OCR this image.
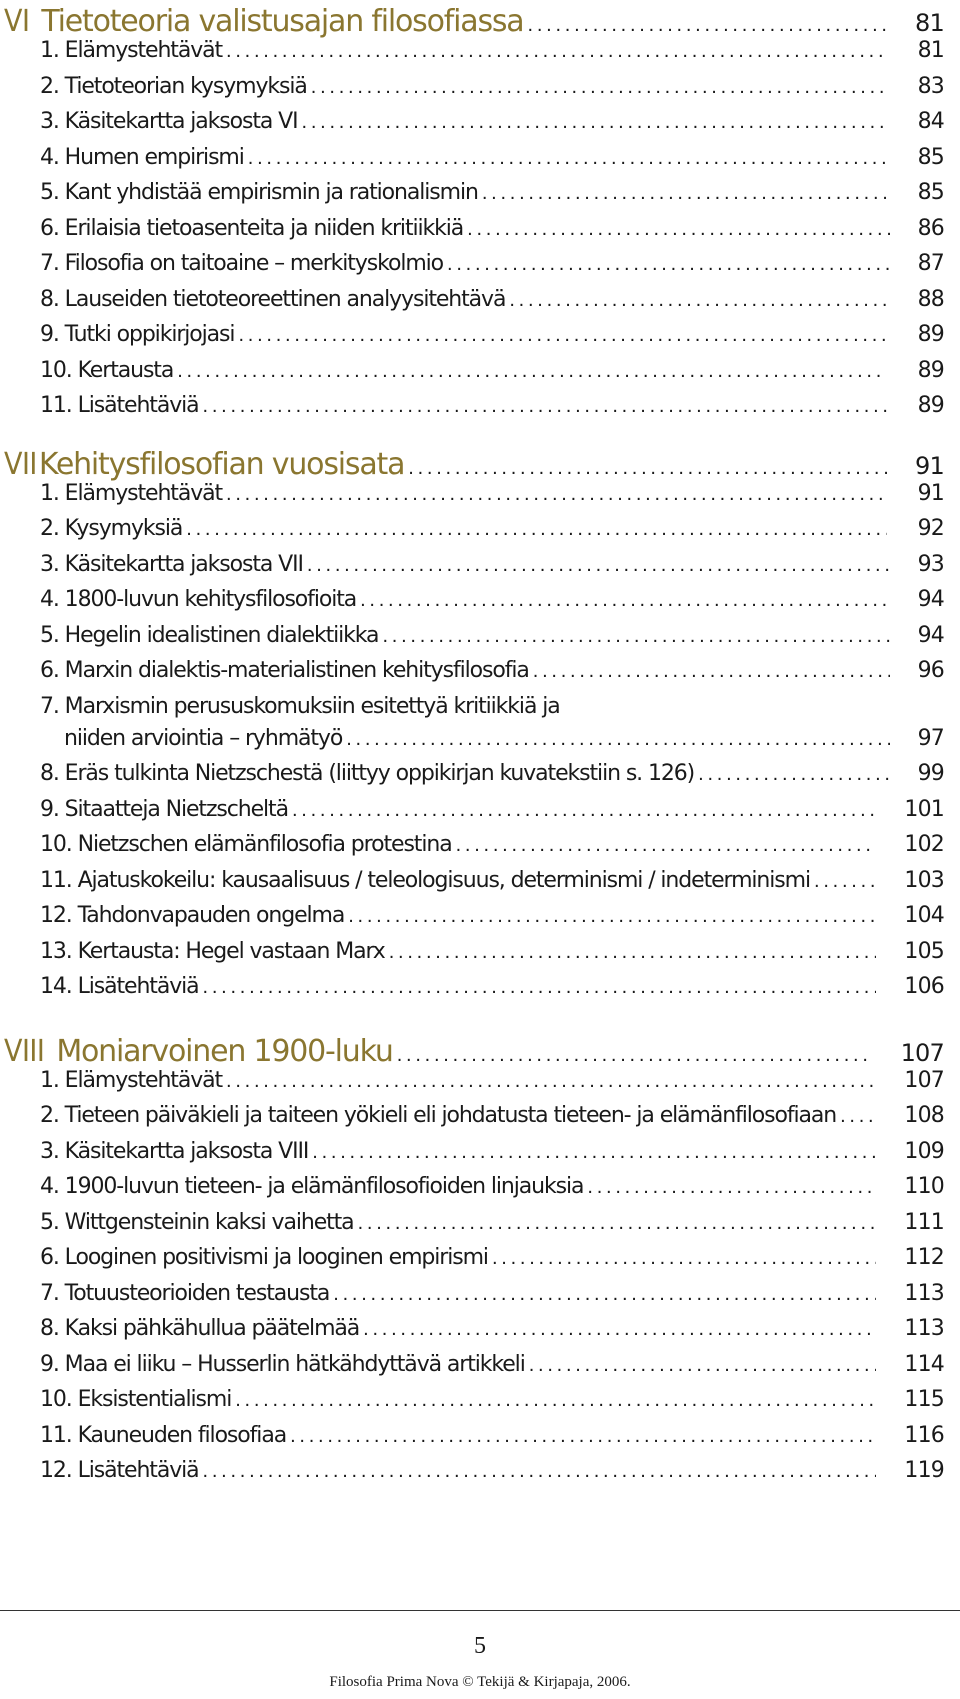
VI Tietoteoria valistusajan filosofiassa . . .	81
1. Elämystehtävät . . .	81
2. Tietoteorian kysymyksiä . . .	83
3. Käsitekartta jaksosta VI . . .	84
4. Humen empirismi . . .	85
5. Kant yhdistää empirismin ja rationalismin . . .	85
6. Erilaisia tietoasenteita ja niiden kritiikkiä . . .	86
7. Filosofia on taitoaine – merkityskolmio . . .	87
8. Lauseiden tietoteoreettinen analyysitehtävä . . .	88
9. Tutki oppikirjojasi . . .	89
10. Kertausta . . .	89
11. Lisätehtäviä . . .	89
VII Kehitysfilosofian vuosisata . . .	91
1. Elämystehtävät . . .	91
2. Kysymyksiä . . .	92
3. Käsitekartta jaksosta VII . . .	93
4. 1800-luvun kehitysfilosofioita . . .	94
5. Hegelin idealistinen dialektiikka . . .	94
6. Marxin dialektis-materialistinen kehitysfilosofia . . .	96
7. Marxismin perususkomuksiin esitettyä kritiikkiä ja
niiden arviointia – ryhmätyö . . .	97
8. Eräs tulkinta Nietzschestä (liittyy oppikirjan kuvatekstiin s. 126) . . .	99
9. Sitaatteja Nietzscheltä . . .	101
10. Nietzschen elämänfilosofia protestina . . .	102
11. Ajatuskokeilu: kausaalisuus / teleologisuus, determinismi / indeterminismi . . .	103
12. Tahdonvapauden ongelma . . .	104
13. Kertausta: Hegel vastaan Marx . . .	105
14. Lisätehtäviä . . .	106
VIII Moniarvoinen 1900-luku . . .	107
1. Elämystehtävät . . .	107
2. Tieteen päiväkieli ja taiteen yökieli eli johdatusta tieteen- ja elämänfilosofiaan . . .	108
3. Käsitekartta jaksosta VIII . . .	109
4. 1900-luvun tieteen- ja elämänfilosofioiden linjauksia . . .	110
5. Wittgensteinin kaksi vaihetta . . .	111
6. Looginen positivismi ja looginen empirismi . . .	112
7. Totuusteorioiden testausta . . .	113
8. Kaksi pähkähullua päätelmää . . .	113
9. Maa ei liiku – Husserlin hätkähdyttävä artikkeli . . .	114
10. Eksistentialismi . . .	115
11. Kauneuden filosofiaa . . .	116
12. Lisätehtäviä . . .	119
5
Filosofia Prima Nova © Tekijä & Kirjapaja, 2006.
